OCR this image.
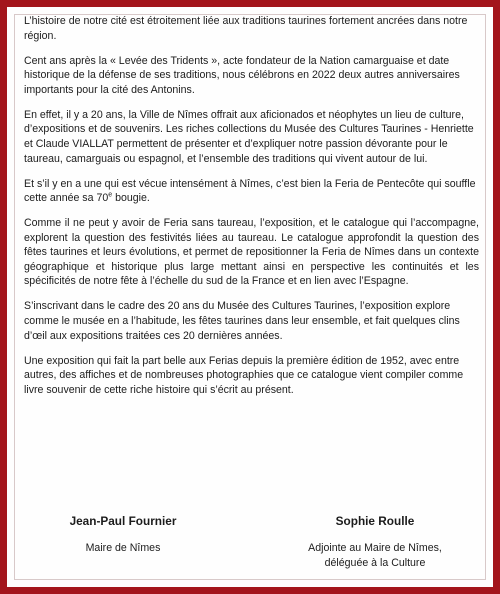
L’histoire de notre cité est étroitement liée aux traditions taurines fortement ancrées dans notre région.

Cent ans après la « Levée des Tridents », acte fondateur de la Nation camarguaise et date historique de la défense de ses traditions, nous célébrons en 2022 deux autres anniversaires importants pour la cité des Antonins.

En effet, il y a 20 ans, la Ville de Nîmes offrait aux aficionados et néophytes un lieu de culture, d’expositions et de souvenirs. Les riches collections du Musée des Cultures Taurines - Henriette et Claude VIALLAT permettent de présenter et d’expliquer notre passion dévorante pour le taureau, camarguais ou espagnol, et l’ensemble des traditions qui vivent autour de lui.

Et s’il y en a une qui est vécue intensément à Nîmes, c’est bien la Feria de Pentecôte qui souffle cette année sa 70e bougie.

Comme il ne peut y avoir de Feria sans taureau, l’exposition, et le catalogue qui l’accompagne, explorent la question des festivités liées au taureau. Le catalogue approfondit la question des fêtes taurines et leurs évolutions, et permet de repositionner la Feria de Nîmes dans un contexte géographique et historique plus large mettant ainsi en perspective les continuités et les spécificités de notre fête à l’échelle du sud de la France et en lien avec l’Espagne.

S’inscrivant dans le cadre des 20 ans du Musée des Cultures Taurines, l’exposition explore comme le musée en a l’habitude, les fêtes taurines dans leur ensemble, et fait quelques clins d’œil aux expositions traitées ces 20 dernières années.

Une exposition qui fait la part belle aux Ferias depuis la première édition de 1952, avec entre autres, des affiches et de nombreuses photographies que ce catalogue vient compiler comme livre souvenir de cette riche histoire qui s’écrit au présent.

Jean-Paul Fournier
Maire de Nîmes
Sophie Roulle
Adjointe au Maire de Nîmes,
déléguée à la Culture
